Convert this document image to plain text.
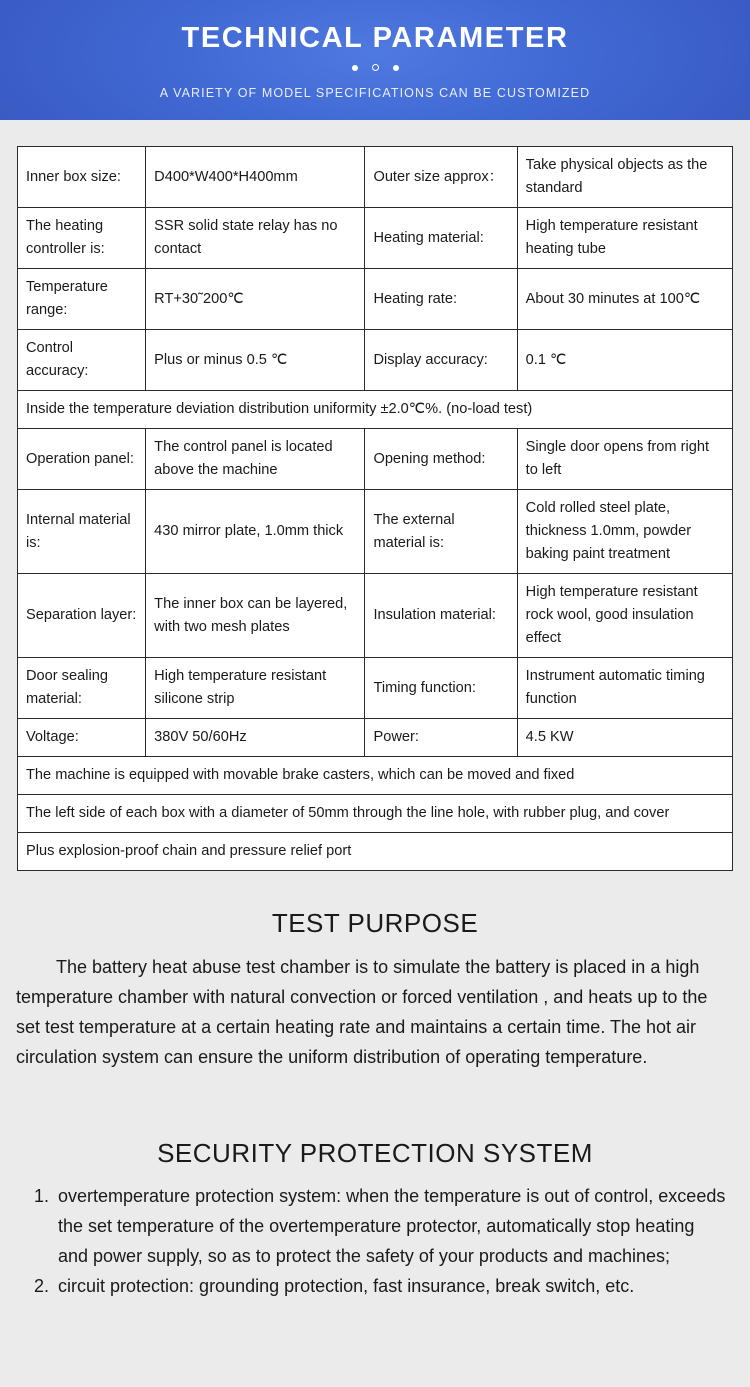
TECHNICAL PARAMETER
A VARIETY OF MODEL SPECIFICATIONS CAN BE CUSTOMIZED
Inner box size:	D400*W400*H400mm	Outer size approx：	Take physical objects as the standard
The heating controller is:	SSR solid state relay has no contact	Heating material:	High temperature resistant heating tube
Temperature range:	RT+30˜200℃	Heating rate:	About 30 minutes at 100℃
Control accuracy:	Plus or minus 0.5 ℃	Display accuracy:	0.1 ℃
Inside the temperature deviation distribution uniformity ±2.0℃%. (no-load test)			
Operation panel:	The control panel is located above the machine	Opening method:	Single door opens from right to left
Internal material is:	430 mirror plate, 1.0mm thick	The external material is:	Cold rolled steel plate, thickness 1.0mm, powder baking paint treatment
Separation layer:	The inner box can be layered, with two mesh plates	Insulation material:	High temperature resistant rock wool, good insulation effect
Door sealing material:	High temperature resistant silicone strip	Timing function:	Instrument automatic timing function
Voltage:	380V 50/60Hz	Power:	4.5 KW
The machine is equipped with movable brake casters, which can be moved and fixed			
The left side of each box with a diameter of 50mm through the line hole, with rubber plug, and cover			
Plus explosion-proof chain and pressure relief port			
TEST PURPOSE

The battery heat abuse test chamber is to simulate the battery is placed in a high temperature chamber with natural convection or forced ventilation , and heats up to the set test temperature at a certain heating rate and maintains a certain time. The hot air circulation system can ensure the uniform distribution of operating temperature.

SECURITY PROTECTION SYSTEM
1. overtemperature protection system: when the temperature is out of control, exceeds the set temperature of the overtemperature protector, automatically stop heating and power supply, so as to protect the safety of your products and machines;
2. circuit protection: grounding protection, fast insurance, break switch, etc.
